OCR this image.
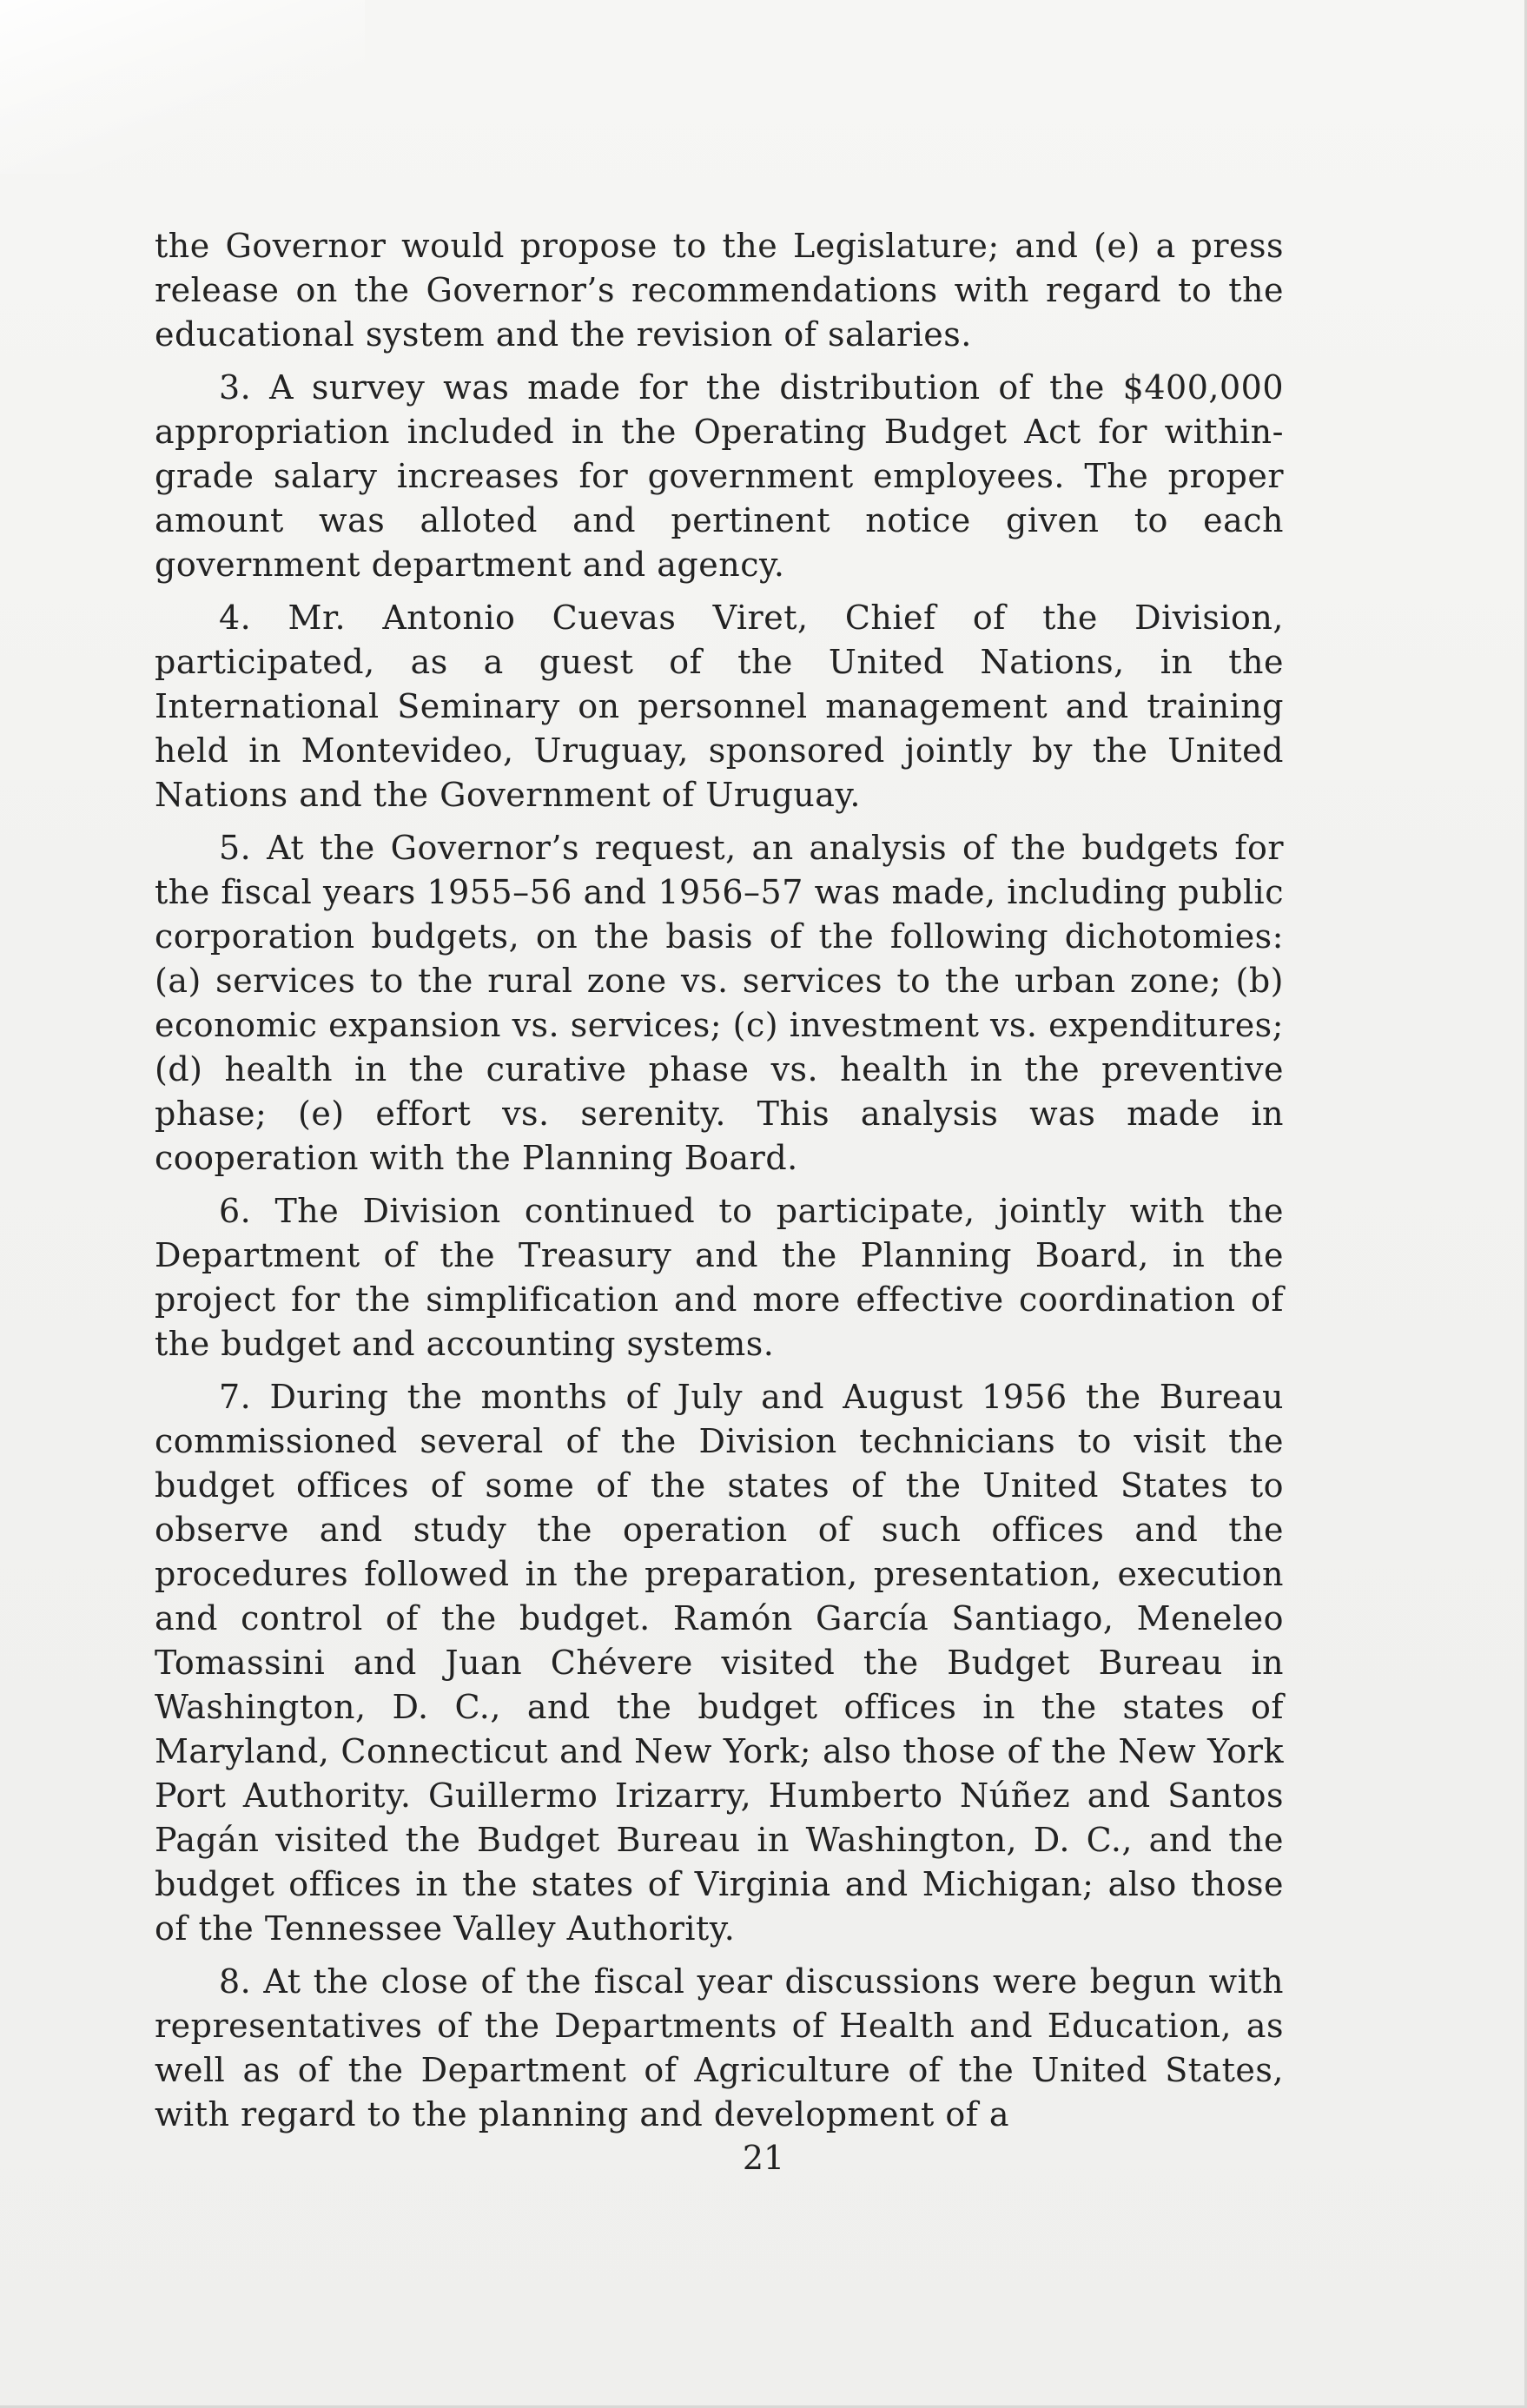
the Governor would propose to the Legislature; and (e) a press release on the Governor’s recommendations with regard to the educational system and the revision of salaries.

3. A survey was made for the distribution of the $400,000 appropriation included in the Operating Budget Act for within-grade salary increases for government employees. The proper amount was alloted and pertinent notice given to each government department and agency.

4. Mr. Antonio Cuevas Viret, Chief of the Division, participated, as a guest of the United Nations, in the International Seminary on personnel management and training held in Montevideo, Uruguay, sponsored jointly by the United Nations and the Government of Uruguay.

5. At the Governor’s request, an analysis of the budgets for the fiscal years 1955–56 and 1956–57 was made, including public corporation budgets, on the basis of the following dichotomies: (a) services to the rural zone vs. services to the urban zone; (b) economic expansion vs. services; (c) investment vs. expenditures; (d) health in the curative phase vs. health in the preventive phase; (e) effort vs. serenity. This analysis was made in cooperation with the Planning Board.

6. The Division continued to participate, jointly with the Department of the Treasury and the Planning Board, in the project for the simplification and more effective coordination of the budget and accounting systems.

7. During the months of July and August 1956 the Bureau commissioned several of the Division technicians to visit the budget offices of some of the states of the United States to observe and study the operation of such offices and the procedures followed in the preparation, presentation, execution and control of the budget. Ramón García Santiago, Meneleo Tomassini and Juan Chévere visited the Budget Bureau in Washington, D. C., and the budget offices in the states of Maryland, Connecticut and New York; also those of the New York Port Authority. Guillermo Irizarry, Humberto Núñez and Santos Pagán visited the Budget Bureau in Washington, D. C., and the budget offices in the states of Virginia and Michigan; also those of the Tennessee Valley Authority.

8. At the close of the fiscal year discussions were begun with representatives of the Departments of Health and Education, as well as of the Department of Agriculture of the United States, with regard to the planning and development of a

21
